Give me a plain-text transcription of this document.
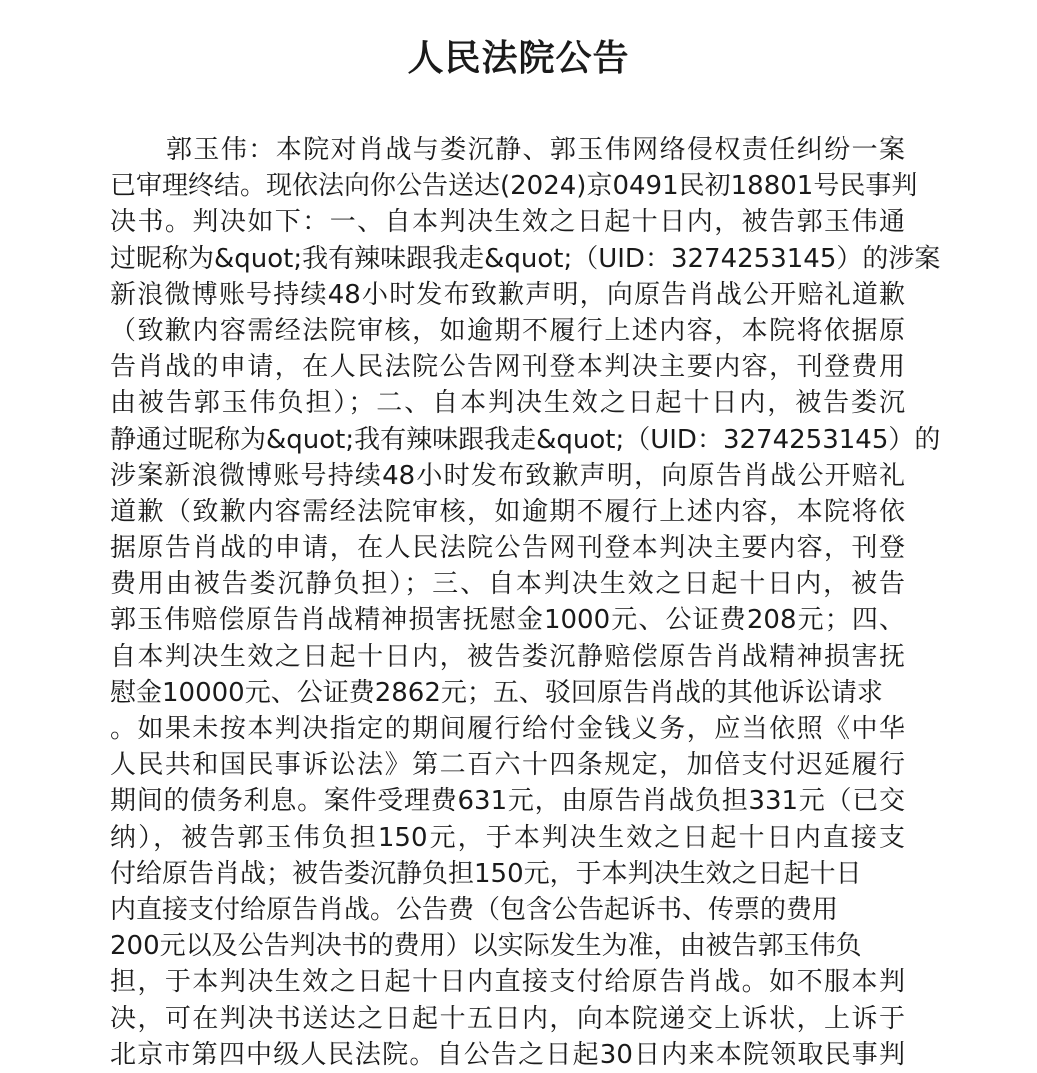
人民法院公告
郭玉伟：本院对肖战与娄沉静、郭玉伟网络侵权责任纠纷一案
已审理终结。现依法向你公告送达(2024)京0491民初18801号民事判
决书。判决如下：一、自本判决生效之日起十日内，被告郭玉伟通
过昵称为&quot;我有辣味跟我走&quot;（UID：3274253145）的涉案
新浪微博账号持续48小时发布致歉声明，向原告肖战公开赔礼道歉
（致歉内容需经法院审核，如逾期不履行上述内容，本院将依据原
告肖战的申请，在人民法院公告网刊登本判决主要内容，刊登费用
由被告郭玉伟负担）；二、自本判决生效之日起十日内，被告娄沉
静通过昵称为&quot;我有辣味跟我走&quot;（UID：3274253145）的
涉案新浪微博账号持续48小时发布致歉声明，向原告肖战公开赔礼
道歉（致歉内容需经法院审核，如逾期不履行上述内容，本院将依
据原告肖战的申请，在人民法院公告网刊登本判决主要内容，刊登
费用由被告娄沉静负担）；三、自本判决生效之日起十日内，被告
郭玉伟赔偿原告肖战精神损害抚慰金1000元、公证费208元；四、
自本判决生效之日起十日内，被告娄沉静赔偿原告肖战精神损害抚
慰金10000元、公证费2862元；五、驳回原告肖战的其他诉讼请求
。如果未按本判决指定的期间履行给付金钱义务，应当依照《中华
人民共和国民事诉讼法》第二百六十四条规定，加倍支付迟延履行
期间的债务利息。案件受理费631元，由原告肖战负担331元（已交
纳），被告郭玉伟负担150元，于本判决生效之日起十日内直接支
付给原告肖战；被告娄沉静负担150元，于本判决生效之日起十日
内直接支付给原告肖战。公告费（包含公告起诉书、传票的费用
200元以及公告判决书的费用）以实际发生为准，由被告郭玉伟负
担，于本判决生效之日起十日内直接支付给原告肖战。如不服本判
决，可在判决书送达之日起十五日内，向本院递交上诉状，上诉于
北京市第四中级人民法院。自公告之日起30日内来本院领取民事判
